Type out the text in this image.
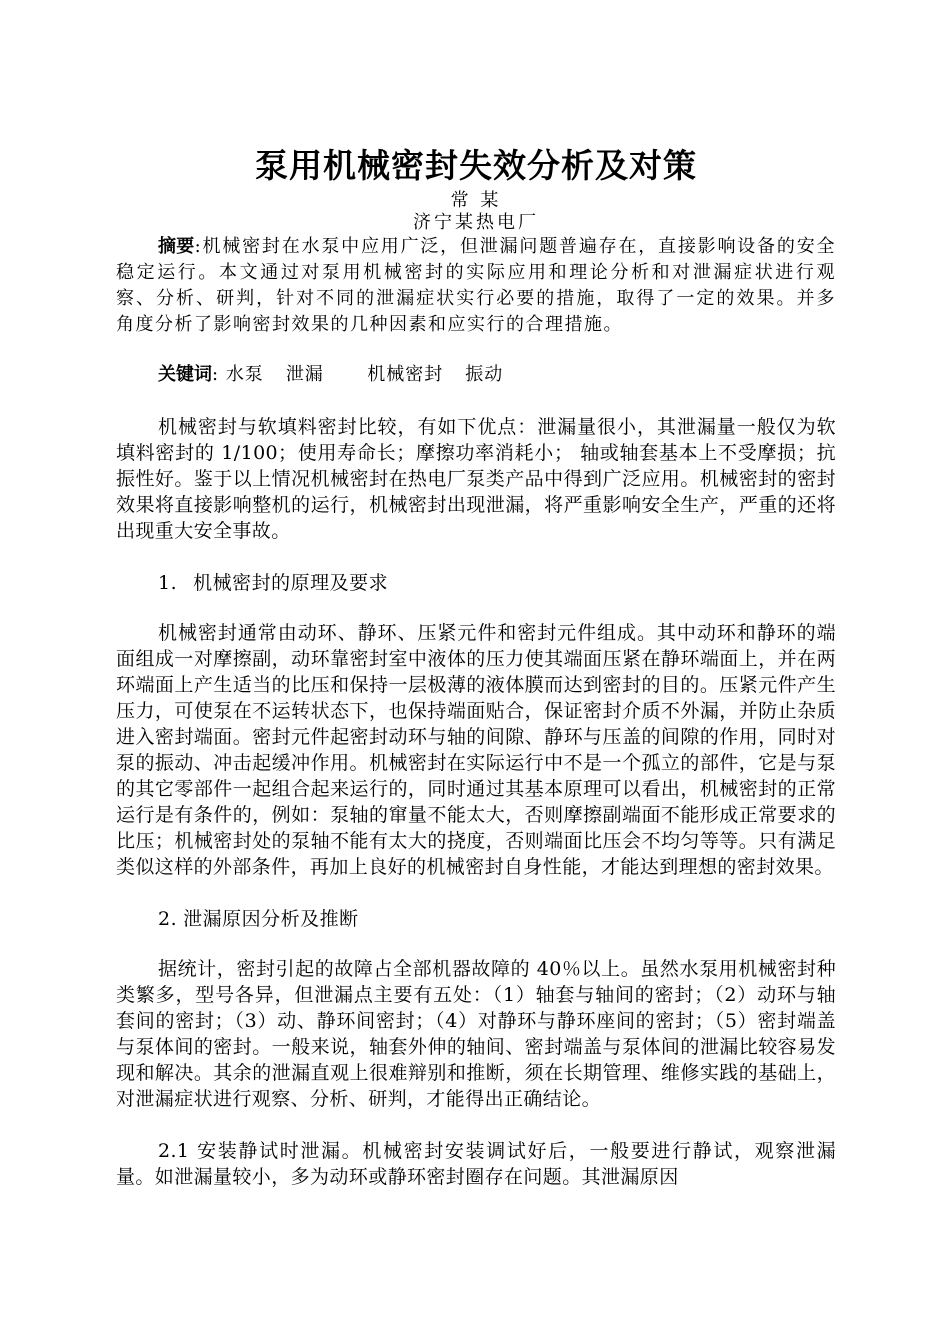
泵用机械密封失效分析及对策

常 某

济宁某热电厂

摘要:机械密封在水泵中应用广泛，但泄漏问题普遍存在，直接影响设备的安全稳定运行。本文通过对泵用机械密封的实际应用和理论分析和对泄漏症状进行观察、分析、研判，针对不同的泄漏症状实行必要的措施，取得了一定的效果。并多角度分析了影响密封效果的几种因素和应实行的合理措施。

关键词: 水泵 泄漏 机械密封 振动

机械密封与软填料密封比较，有如下优点：泄漏量很小，其泄漏量一般仅为软填料密封的 1/100；使用寿命长；摩擦功率消耗小； 轴或轴套基本上不受摩损；抗振性好。鉴于以上情况机械密封在热电厂泵类产品中得到广泛应用。机械密封的密封效果将直接影响整机的运行，机械密封出现泄漏，将严重影响安全生产，严重的还将出现重大安全事故。

1. 机械密封的原理及要求

机械密封通常由动环、静环、压紧元件和密封元件组成。其中动环和静环的端面组成一对摩擦副，动环靠密封室中液体的压力使其端面压紧在静环端面上，并在两环端面上产生适当的比压和保持一层极薄的液体膜而达到密封的目的。压紧元件产生压力，可使泵在不运转状态下，也保持端面贴合，保证密封介质不外漏，并防止杂质进入密封端面。密封元件起密封动环与轴的间隙、静环与压盖的间隙的作用，同时对泵的振动、冲击起缓冲作用。机械密封在实际运行中不是一个孤立的部件，它是与泵的其它零部件一起组合起来运行的，同时通过其基本原理可以看出，机械密封的正常运行是有条件的，例如：泵轴的窜量不能太大，否则摩擦副端面不能形成正常要求的比压；机械密封处的泵轴不能有太大的挠度，否则端面比压会不均匀等等。只有满足类似这样的外部条件，再加上良好的机械密封自身性能，才能达到理想的密封效果。

2. 泄漏原因分析及推断

据统计，密封引起的故障占全部机器故障的 40％以上。虽然水泵用机械密封种类繁多，型号各异，但泄漏点主要有五处：（1）轴套与轴间的密封；（2）动环与轴套间的密封；（3）动、静环间密封；（4）对静环与静环座间的密封；（5）密封端盖与泵体间的密封。一般来说，轴套外伸的轴间、密封端盖与泵体间的泄漏比较容易发现和解决。其余的泄漏直观上很难辩别和推断，须在长期管理、维修实践的基础上，对泄漏症状进行观察、分析、研判，才能得出正确结论。

2.1 安装静试时泄漏。机械密封安装调试好后，一般要进行静试，观察泄漏量。如泄漏量较小，多为动环或静环密封圈存在问题。其泄漏原因
